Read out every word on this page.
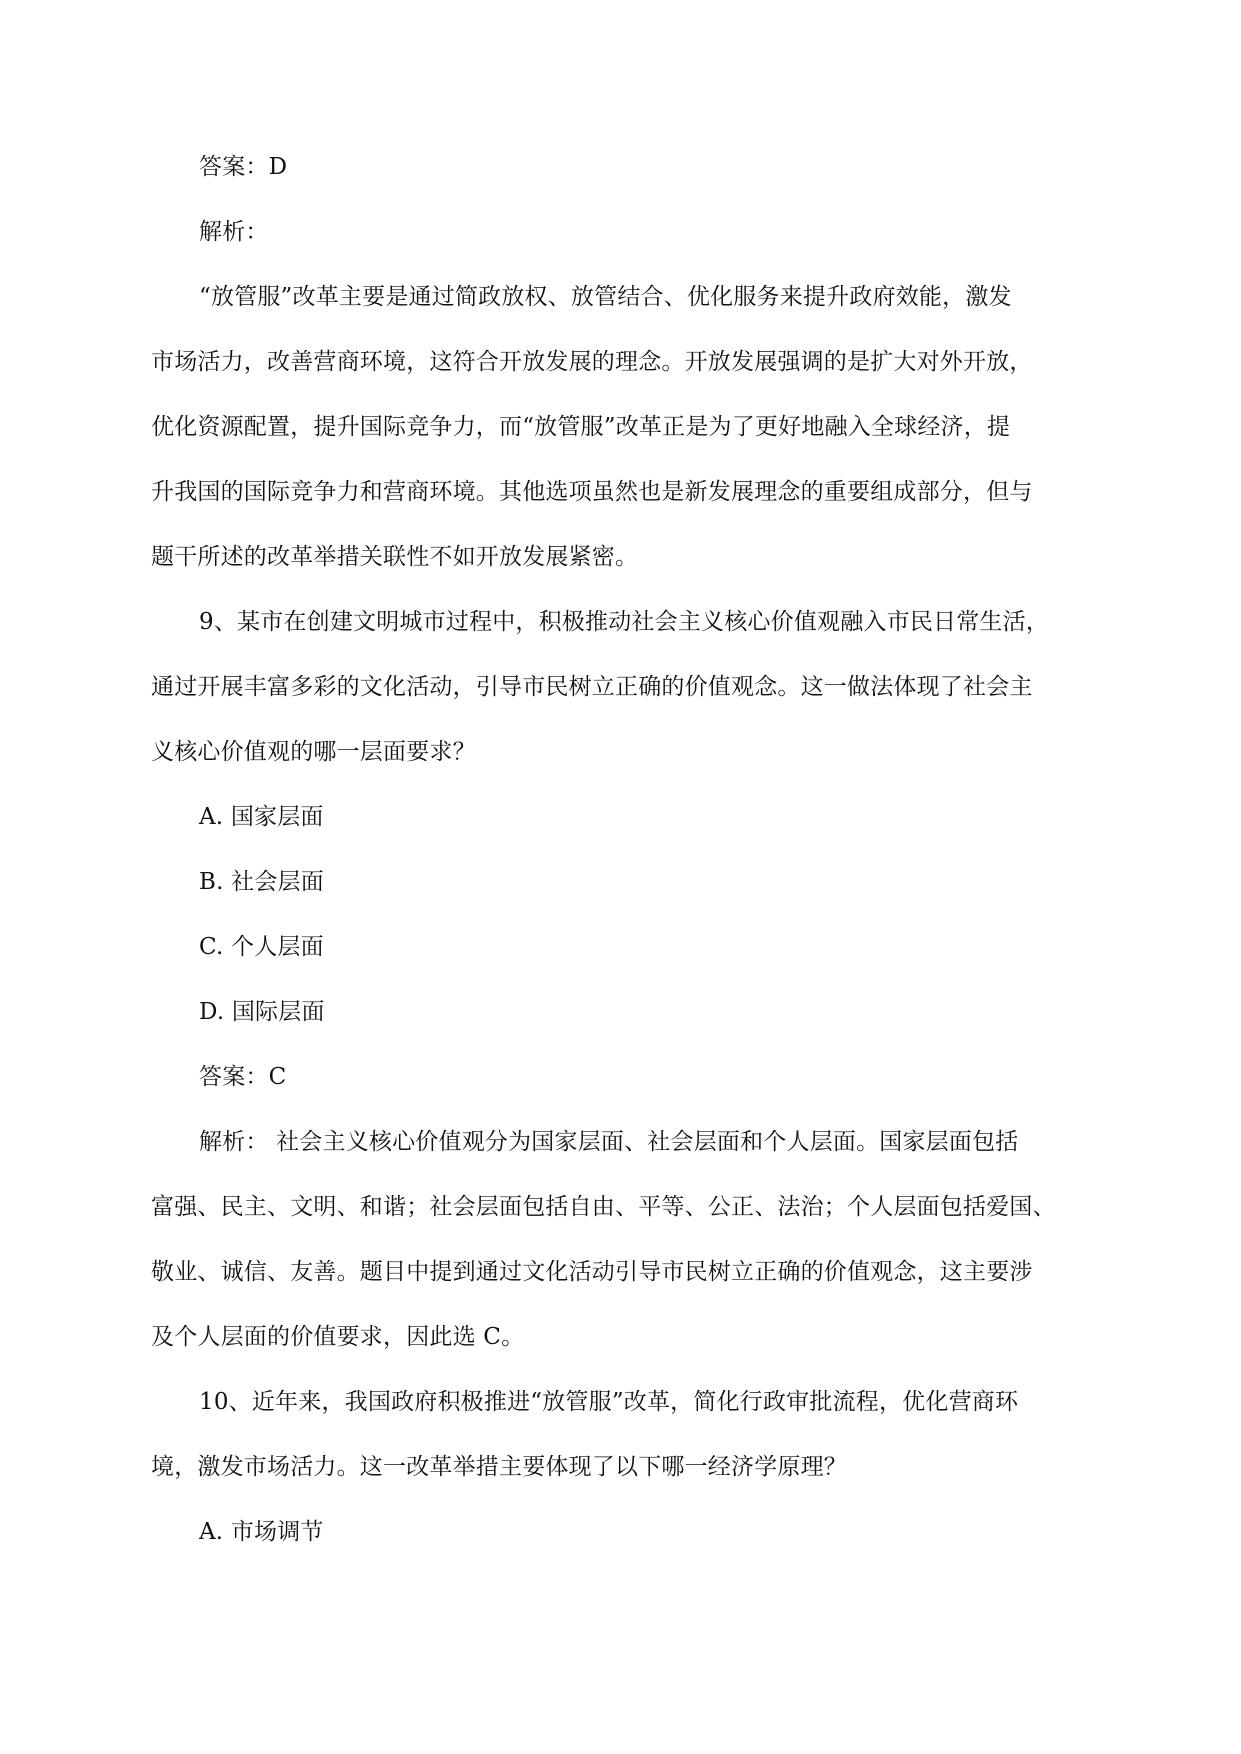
答案：D
解析：
“放管服”改革主要是通过简政放权、放管结合、优化服务来提升政府效能，激发
市场活力，改善营商环境，这符合开放发展的理念。开放发展强调的是扩大对外开放，
优化资源配置，提升国际竞争力，而“放管服”改革正是为了更好地融入全球经济，提
升我国的国际竞争力和营商环境。其他选项虽然也是新发展理念的重要组成部分，但与
题干所述的改革举措关联性不如开放发展紧密。
9、某市在创建文明城市过程中，积极推动社会主义核心价值观融入市民日常生活，
通过开展丰富多彩的文化活动，引导市民树立正确的价值观念。这一做法体现了社会主
义核心价值观的哪一层面要求？
A. 国家层面
B. 社会层面
C. 个人层面
D. 国际层面
答案：C
解析： 社会主义核心价值观分为国家层面、社会层面和个人层面。国家层面包括
富强、民主、文明、和谐；社会层面包括自由、平等、公正、法治；个人层面包括爱国、
敬业、诚信、友善。题目中提到通过文化活动引导市民树立正确的价值观念，这主要涉
及个人层面的价值要求，因此选 C。
10、近年来，我国政府积极推进“放管服”改革，简化行政审批流程，优化营商环
境，激发市场活力。这一改革举措主要体现了以下哪一经济学原理？
A. 市场调节
